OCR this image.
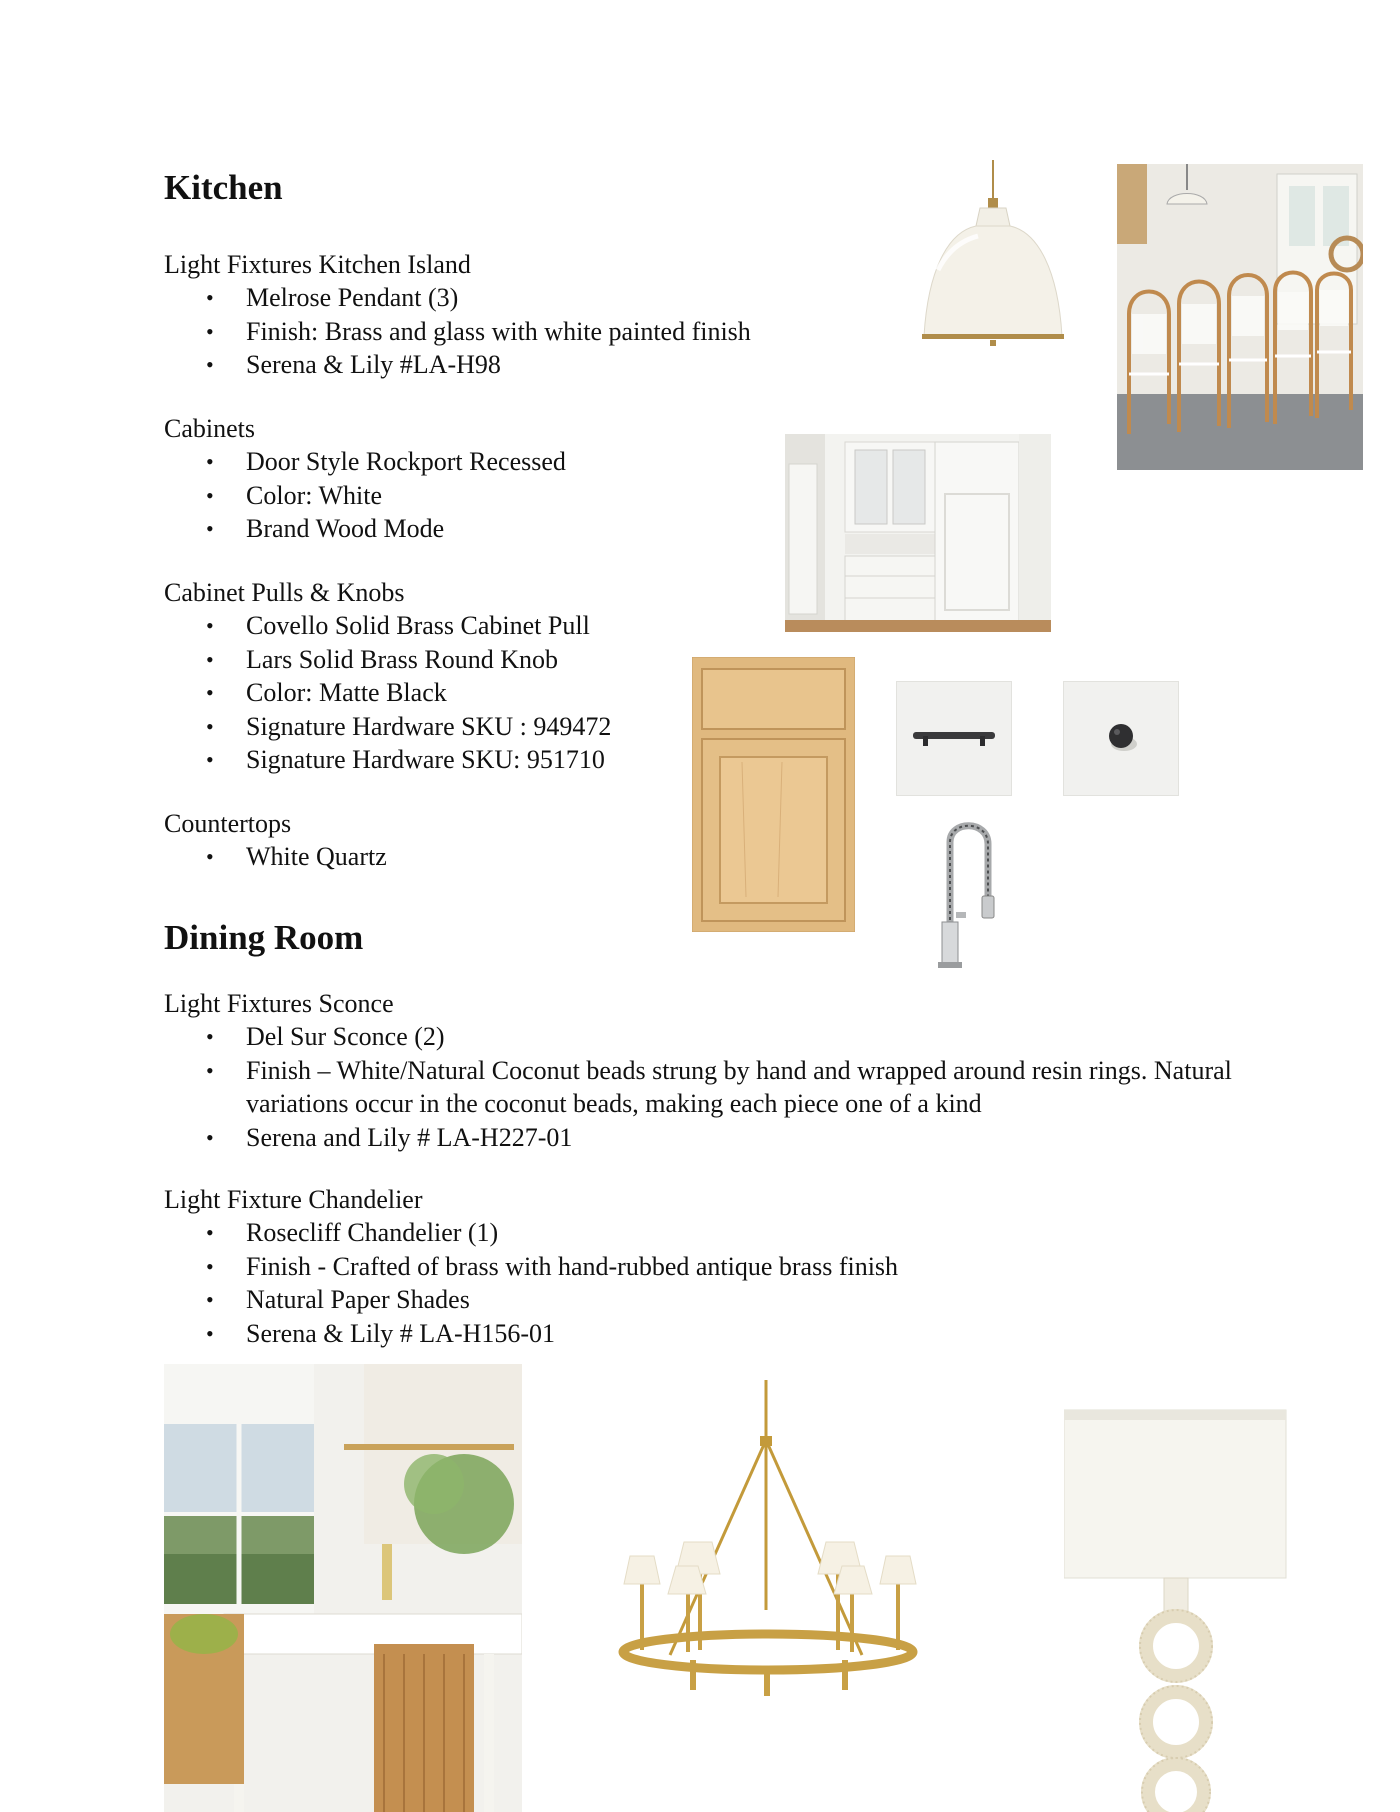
Kitchen
Light Fixtures Kitchen Island
• Melrose Pendant (3)
• Finish: Brass and glass with white painted finish
• Serena & Lily #LA-H98
Cabinets
• Door Style Rockport Recessed
• Color: White
• Brand Wood Mode
Cabinet Pulls & Knobs
• Covello Solid Brass Cabinet Pull
• Lars Solid Brass Round Knob
• Color: Matte Black
• Signature Hardware SKU : 949472
• Signature Hardware SKU: 951710
Countertops
• White Quartz
Dining Room
Light Fixtures Sconce
• Del Sur Sconce (2)
• Finish – White/Natural Coconut beads strung by hand and wrapped around resin rings. Natural variations occur in the coconut beads, making each piece one of a kind
• Serena and Lily # LA-H227-01
Light Fixture Chandelier
• Rosecliff Chandelier (1)
• Finish - Crafted of brass with hand-rubbed antique brass finish
• Natural Paper Shades
• Serena & Lily # LA-H156-01
